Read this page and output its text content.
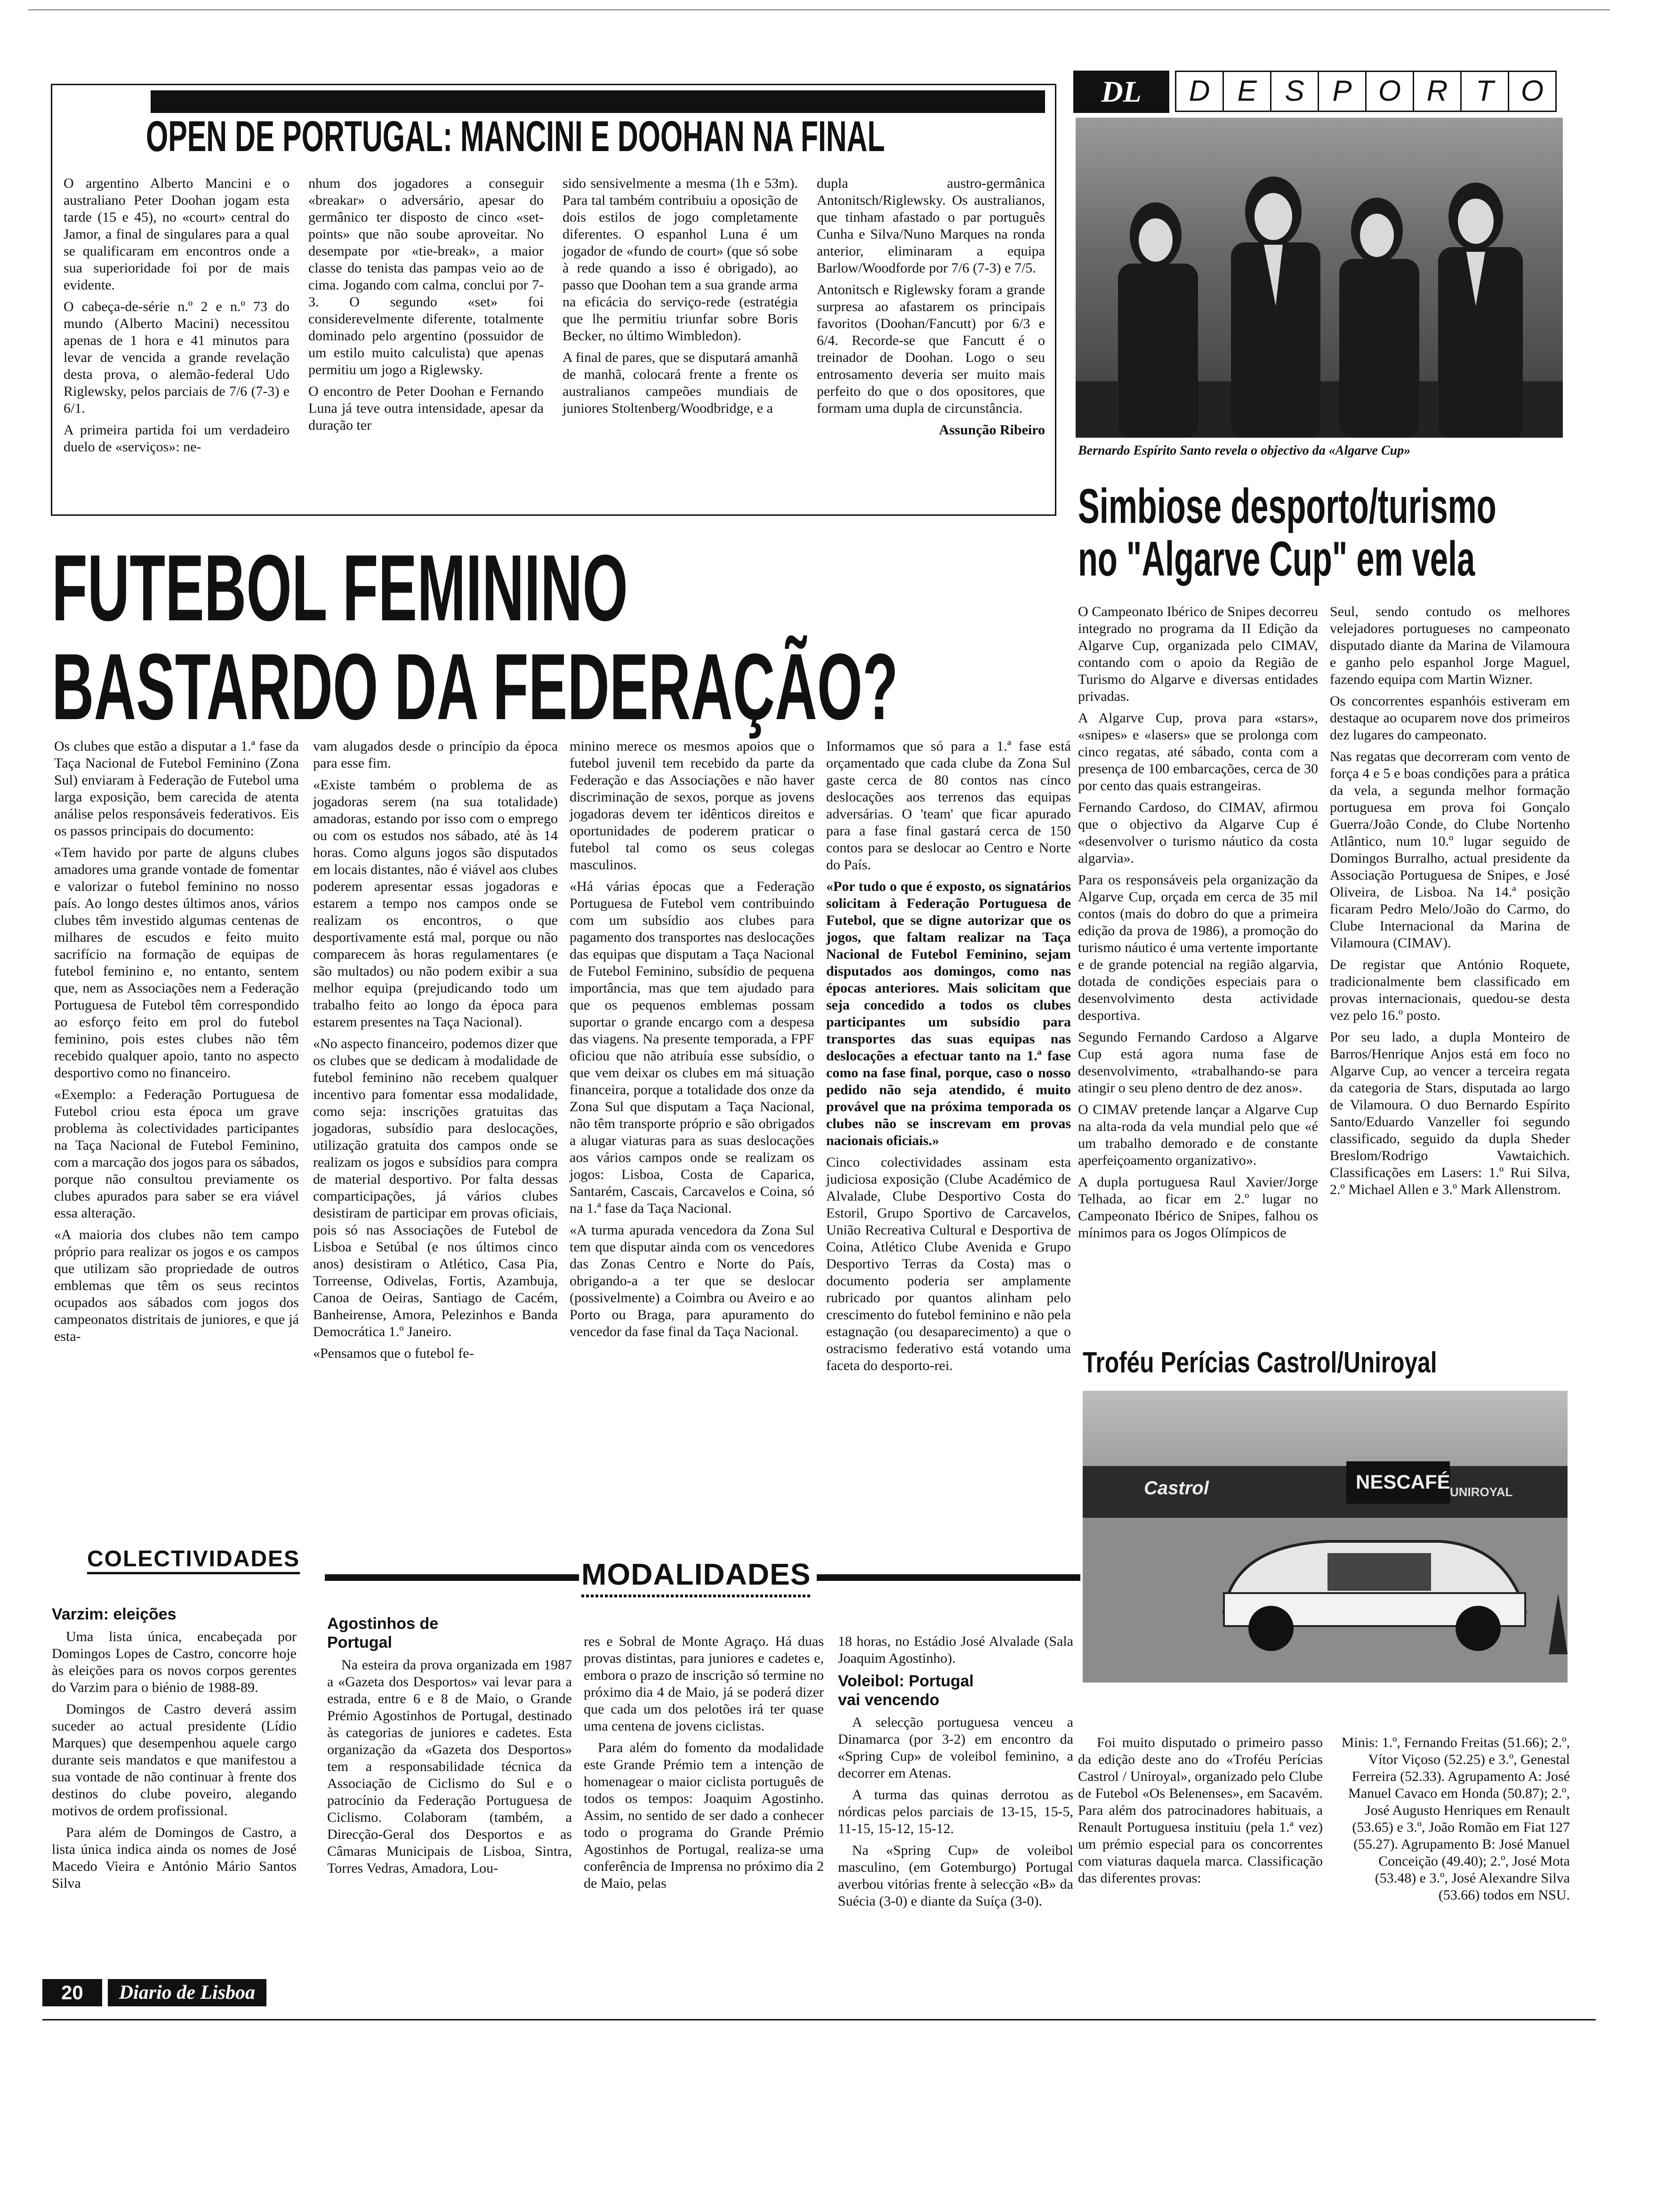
OPEN DE PORTUGAL: MANCINI E DOOHAN NA FINAL

O argentino Alberto Mancini e o australiano Peter Doohan jogam esta tarde (15 e 45), no «court» central do Jamor, a final de singulares para a qual se qualificaram em encontros onde a sua superioridade foi por de mais evidente.

O cabeça-de-série n.º 2 e n.º 73 do mundo (Alberto Macini) necessitou apenas de 1 hora e 41 minutos para levar de vencida a grande revelação desta prova, o alemão-federal Udo Riglewsky, pelos parciais de 7/6 (7-3) e 6/1.

A primeira partida foi um verdadeiro duelo de «serviços»: ne-

nhum dos jogadores a conseguir «breakar» o adversário, apesar do germânico ter disposto de cinco «set-points» que não soube aproveitar. No desempate por «tie-break», a maior classe do tenista das pampas veio ao de cima. Jogando com calma, conclui por 7-3. O segundo «set» foi considerevelmente diferente, totalmente dominado pelo argentino (possuidor de um estilo muito calculista) que apenas permitiu um jogo a Riglewsky.

O encontro de Peter Doohan e Fernando Luna já teve outra intensidade, apesar da duração ter

sido sensivelmente a mesma (1h e 53m). Para tal também contribuiu a oposição de dois estilos de jogo completamente diferentes. O espanhol Luna é um jogador de «fundo de court» (que só sobe à rede quando a isso é obrigado), ao passo que Doohan tem a sua grande arma na eficácia do serviço-rede (estratégia que lhe permitiu triunfar sobre Boris Becker, no último Wimbledon).

A final de pares, que se disputará amanhã de manhã, colocará frente a frente os australianos campeões mundiais de juniores Stoltenberg/Woodbridge, e a

dupla austro-germânica Antonitsch/Riglewsky. Os australianos, que tinham afastado o par português Cunha e Silva/Nuno Marques na ronda anterior, eliminaram a equipa Barlow/Woodforde por 7/6 (7-3) e 7/5.

Antonitsch e Riglewsky foram a grande surpresa ao afastarem os principais favoritos (Doohan/Fancutt) por 6/3 e 6/4. Recorde-se que Fancutt é o treinador de Doohan. Logo o seu entrosamento deveria ser muito mais perfeito do que o dos opositores, que formam uma dupla de circunstância.

Assunção Ribeiro

DL	D E S P O R T O
Bernardo Espírito Santo revela o objectivo da «Algarve Cup»
FUTEBOL FEMININO
BASTARDO DA FEDERAÇÃO?

Os clubes que estão a disputar a 1.ª fase da Taça Nacional de Futebol Feminino (Zona Sul) enviaram à Federação de Futebol uma larga exposição, bem carecida de atenta análise pelos responsáveis federativos. Eis os passos principais do documento:

«Tem havido por parte de alguns clubes amadores uma grande vontade de fomentar e valorizar o futebol feminino no nosso país. Ao longo destes últimos anos, vários clubes têm investido algumas centenas de milhares de escudos e feito muito sacrifício na formação de equipas de futebol feminino e, no entanto, sentem que, nem as Associações nem a Federação Portuguesa de Futebol têm correspondido ao esforço feito em prol do futebol feminino, pois estes clubes não têm recebido qualquer apoio, tanto no aspecto desportivo como no financeiro.

«Exemplo: a Federação Portuguesa de Futebol criou esta época um grave problema às colectividades participantes na Taça Nacional de Futebol Feminino, com a marcação dos jogos para os sábados, porque não consultou previamente os clubes apurados para saber se era viável essa alteração.

«A maioria dos clubes não tem campo próprio para realizar os jogos e os campos que utilizam são propriedade de outros emblemas que têm os seus recintos ocupados aos sábados com jogos dos campeonatos distritais de juniores, e que já esta-

vam alugados desde o princípio da época para esse fim.

«Existe também o problema de as jogadoras serem (na sua totalidade) amadoras, estando por isso com o emprego ou com os estudos nos sábado, até às 14 horas. Como alguns jogos são disputados em locais distantes, não é viável aos clubes poderem apresentar essas jogadoras e estarem a tempo nos campos onde se realizam os encontros, o que desportivamente está mal, porque ou não comparecem às horas regulamentares (e são multados) ou não podem exibir a sua melhor equipa (prejudicando todo um trabalho feito ao longo da época para estarem presentes na Taça Nacional).

«No aspecto financeiro, podemos dizer que os clubes que se dedicam à modalidade de futebol feminino não recebem qualquer incentivo para fomentar essa modalidade, como seja: inscrições gratuitas das jogadoras, subsídio para deslocações, utilização gratuita dos campos onde se realizam os jogos e subsídios para compra de material desportivo. Por falta dessas comparticipações, já vários clubes desistiram de participar em provas oficiais, pois só nas Associações de Futebol de Lisboa e Setúbal (e nos últimos cinco anos) desistiram o Atlético, Casa Pia, Torreense, Odivelas, Fortis, Azambuja, Canoa de Oeiras, Santiago de Cacém, Banheirense, Amora, Pelezinhos e Banda Democrática 1.º Janeiro.

«Pensamos que o futebol fe-

minino merece os mesmos apoios que o futebol juvenil tem recebido da parte da Federação e das Associações e não haver discriminação de sexos, porque as jovens jogadoras devem ter idênticos direitos e oportunidades de poderem praticar o futebol tal como os seus colegas masculinos.

«Há várias épocas que a Federação Portuguesa de Futebol vem contribuindo com um subsídio aos clubes para pagamento dos transportes nas deslocações das equipas que disputam a Taça Nacional de Futebol Feminino, subsídio de pequena importância, mas que tem ajudado para que os pequenos emblemas possam suportar o grande encargo com a despesa das viagens. Na presente temporada, a FPF oficiou que não atribuía esse subsídio, o que vem deixar os clubes em má situação financeira, porque a totalidade dos onze da Zona Sul que disputam a Taça Nacional, não têm transporte próprio e são obrigados a alugar viaturas para as suas deslocações aos vários campos onde se realizam os jogos: Lisboa, Costa de Caparica, Santarém, Cascais, Carcavelos e Coina, só na 1.ª fase da Taça Nacional.

«A turma apurada vencedora da Zona Sul tem que disputar ainda com os vencedores das Zonas Centro e Norte do País, obrigando-a a ter que se deslocar (possivelmente) a Coimbra ou Aveiro e ao Porto ou Braga, para apuramento do vencedor da fase final da Taça Nacional.

Informamos que só para a 1.ª fase está orçamentado que cada clube da Zona Sul gaste cerca de 80 contos nas cinco deslocações aos terrenos das equipas adversárias. O 'team' que ficar apurado para a fase final gastará cerca de 150 contos para se deslocar ao Centro e Norte do País.

«Por tudo o que é exposto, os signatários solicitam à Federação Portuguesa de Futebol, que se digne autorizar que os jogos, que faltam realizar na Taça Nacional de Futebol Feminino, sejam disputados aos domingos, como nas épocas anteriores. Mais solicitam que seja concedido a todos os clubes participantes um subsídio para transportes das suas equipas nas deslocações a efectuar tanto na 1.ª fase como na fase final, porque, caso o nosso pedido não seja atendido, é muito provável que na próxima temporada os clubes não se inscrevam em provas nacionais oficiais.»

Cinco colectividades assinam esta judiciosa exposição (Clube Académico de Alvalade, Clube Desportivo Costa do Estoril, Grupo Sportivo de Carcavelos, União Recreativa Cultural e Desportiva de Coina, Atlético Clube Avenida e Grupo Desportivo Terras da Costa) mas o documento poderia ser amplamente rubricado por quantos alinham pelo crescimento do futebol feminino e não pela estagnação (ou desaparecimento) a que o ostracismo federativo está votando uma faceta do desporto-rei.

Simbiose desporto/turismo
no "Algarve Cup" em vela

O Campeonato Ibérico de Snipes decorreu integrado no programa da II Edição da Algarve Cup, organizada pelo CIMAV, contando com o apoio da Região de Turismo do Algarve e diversas entidades privadas.

A Algarve Cup, prova para «stars», «snipes» e «lasers» que se prolonga com cinco regatas, até sábado, conta com a presença de 100 embarcações, cerca de 30 por cento das quais estrangeiras.

Fernando Cardoso, do CIMAV, afirmou que o objectivo da Algarve Cup é «desenvolver o turismo náutico da costa algarvia».

Para os responsáveis pela organização da Algarve Cup, orçada em cerca de 35 mil contos (mais do dobro do que a primeira edição da prova de 1986), a promoção do turismo náutico é uma vertente importante e de grande potencial na região algarvia, dotada de condições especiais para o desenvolvimento desta actividade desportiva.

Segundo Fernando Cardoso a Algarve Cup está agora numa fase de desenvolvimento, «trabalhando-se para atingir o seu pleno dentro de dez anos».

O CIMAV pretende lançar a Algarve Cup na alta-roda da vela mundial pelo que «é um trabalho demorado e de constante aperfeiçoamento organizativo».

A dupla portuguesa Raul Xavier/Jorge Telhada, ao ficar em 2.º lugar no Campeonato Ibérico de Snipes, falhou os mínimos para os Jogos Olímpicos de

Seul, sendo contudo os melhores velejadores portugueses no campeonato disputado diante da Marina de Vilamoura e ganho pelo espanhol Jorge Maguel, fazendo equipa com Martin Wizner.

Os concorrentes espanhóis estiveram em destaque ao ocuparem nove dos primeiros dez lugares do campeonato.

Nas regatas que decorreram com vento de força 4 e 5 e boas condições para a prática da vela, a segunda melhor formação portuguesa em prova foi Gonçalo Guerra/João Conde, do Clube Nortenho Atlântico, num 10.º lugar seguido de Domingos Burralho, actual presidente da Associação Portuguesa de Snipes, e José Oliveira, de Lisboa. Na 14.ª posição ficaram Pedro Melo/João do Carmo, do Clube Internacional da Marina de Vilamoura (CIMAV).

De registar que António Roquete, tradicionalmente bem classificado em provas internacionais, quedou-se desta vez pelo 16.º posto.

Por seu lado, a dupla Monteiro de Barros/Henrique Anjos está em foco no Algarve Cup, ao vencer a terceira regata da categoria de Stars, disputada ao largo de Vilamoura. O duo Bernardo Espírito Santo/Eduardo Vanzeller foi segundo classificado, seguido da dupla Sheder Breslom/Rodrigo Vawtaichich. Classificações em Lasers: 1.º Rui Silva, 2.º Michael Allen e 3.º Mark Allenstrom.

Troféu Perícias Castrol/Uniroyal
Castrol	NESCAFÉ UNIROYAL

Foi muito disputado o primeiro passo da edição deste ano do «Troféu Perícias Castrol / Uniroyal», organizado pelo Clube de Futebol «Os Belenenses», em Sacavém. Para além dos patrocinadores habituais, a Renault Portuguesa instituiu (pela 1.ª vez) um prémio especial para os concorrentes com viaturas daquela marca. Classificação das diferentes provas:

Minis: 1.º, Fernando Freitas (51.66); 2.º, Vítor Viçoso (52.25) e 3.º, Genestal Ferreira (52.33). Agrupamento A: José Manuel Cavaco em Honda (50.87); 2.º, José Augusto Henriques em Renault (53.65) e 3.º, João Romão em Fiat 127 (55.27). Agrupamento B: José Manuel Conceição (49.40); 2.º, José Mota (53.48) e 3.º, José Alexandre Silva (53.66) todos em NSU.

COLECTIVIDADES
Varzim: eleições

Uma lista única, encabeçada por Domingos Lopes de Castro, concorre hoje às eleições para os novos corpos gerentes do Varzim para o biénio de 1988-89.

Domingos de Castro deverá assim suceder ao actual presidente (Lídio Marques) que desempenhou aquele cargo durante seis mandatos e que manifestou a sua vontade de não continuar à frente dos destinos do clube poveiro, alegando motivos de ordem profissional.

Para além de Domingos de Castro, a lista única indica ainda os nomes de José Macedo Vieira e António Mário Santos Silva

MODALIDADES
Agostinhos de Portugal

Na esteira da prova organizada em 1987 a «Gazeta dos Desportos» vai levar para a estrada, entre 6 e 8 de Maio, o Grande Prémio Agostinhos de Portugal, destinado às categorias de juniores e cadetes. Esta organização da «Gazeta dos Desportos» tem a responsabilidade técnica da Associação de Ciclismo do Sul e o patrocínio da Federação Portuguesa de Ciclismo. Colaboram (também, a Direcção-Geral dos Desportos e as Câmaras Municipais de Lisboa, Sintra, Torres Vedras, Amadora, Lou-

res e Sobral de Monte Agraço. Há duas provas distintas, para juniores e cadetes e, embora o prazo de inscrição só termine no próximo dia 4 de Maio, já se poderá dizer que cada um dos pelotões irá ter quase uma centena de jovens ciclistas.

Para além do fomento da modalidade este Grande Prémio tem a intenção de homenagear o maior ciclista português de todos os tempos: Joaquim Agostinho. Assim, no sentido de ser dado a conhecer todo o programa do Grande Prémio Agostinhos de Portugal, realiza-se uma conferência de Imprensa no próximo dia 2 de Maio, pelas

18 horas, no Estádio José Alvalade (Sala Joaquim Agostinho).

Voleibol: Portugal vai vencendo

A selecção portuguesa venceu a Dinamarca (por 3-2) em encontro da «Spring Cup» de voleibol feminino, a decorrer em Atenas.

A turma das quinas derrotou as nórdicas pelos parciais de 13-15, 15-5, 11-15, 15-12, 15-12.

Na «Spring Cup» de voleibol masculino, (em Gotemburgo) Portugal averbou vitórias frente à selecção «B» da Suécia (3-0) e diante da Suíça (3-0).

20	Diario de Lisboa
